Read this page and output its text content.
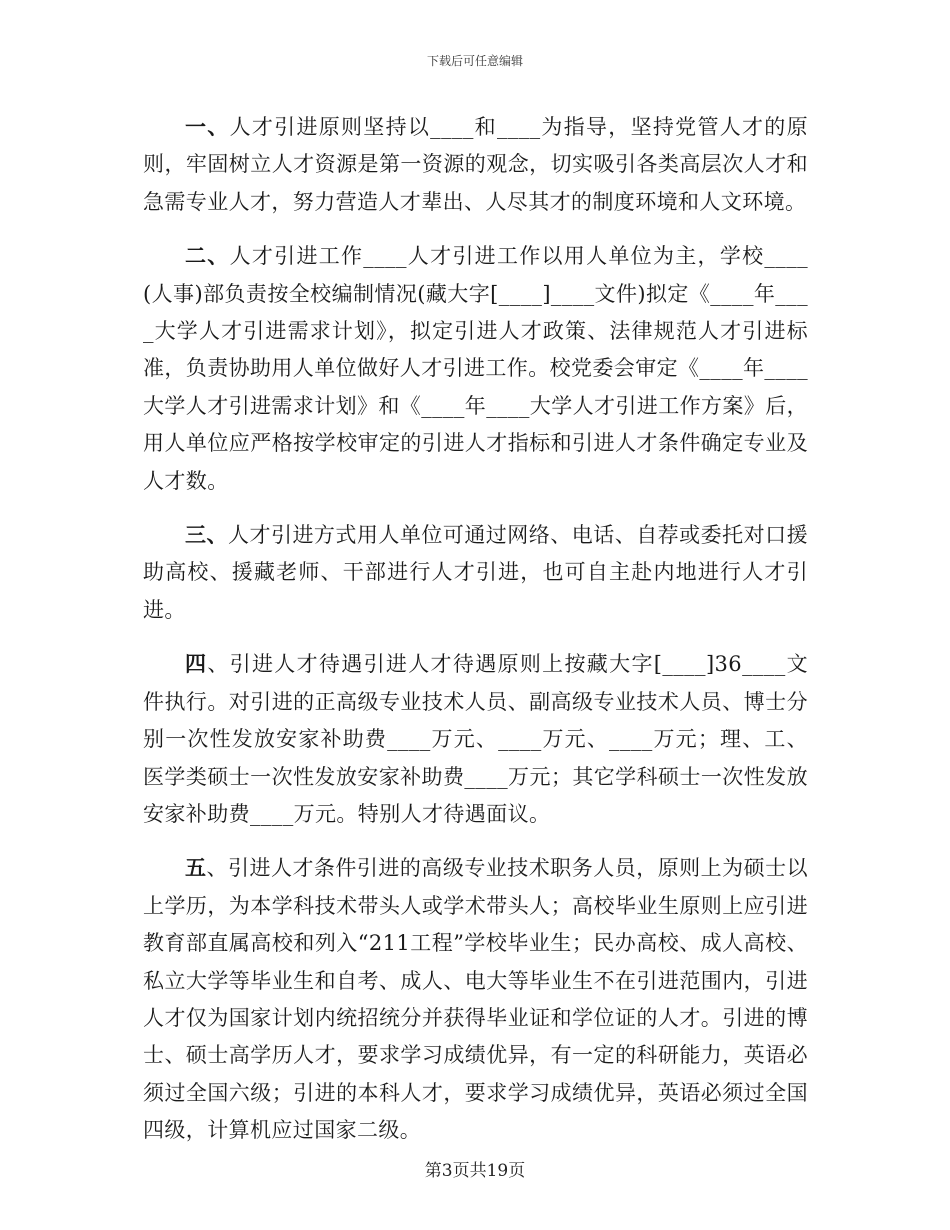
下载后可任意编辑

一、人才引进原则坚持以____和____为指导，坚持党管人才的原则，牢固树立人才资源是第一资源的观念，切实吸引各类高层次人才和急需专业人才，努力营造人才辈出、人尽其才的制度环境和人文环境。

二、人才引进工作____人才引进工作以用人单位为主，学校____(人事)部负责按全校编制情况(藏大字[____]____文件)拟定《____年____大学人才引进需求计划》，拟定引进人才政策、法律规范人才引进标准，负责协助用人单位做好人才引进工作。校党委会审定《____年____大学人才引进需求计划》和《____年____大学人才引进工作方案》后，用人单位应严格按学校审定的引进人才指标和引进人才条件确定专业及人才数。

三、人才引进方式用人单位可通过网络、电话、自荐或委托对口援助高校、援藏老师、干部进行人才引进，也可自主赴内地进行人才引进。

四、引进人才待遇引进人才待遇原则上按藏大字[____]36____文件执行。对引进的正高级专业技术人员、副高级专业技术人员、博士分别一次性发放安家补助费____万元、____万元、____万元；理、工、医学类硕士一次性发放安家补助费____万元；其它学科硕士一次性发放安家补助费____万元。特别人才待遇面议。

五、引进人才条件引进的高级专业技术职务人员，原则上为硕士以上学历，为本学科技术带头人或学术带头人；高校毕业生原则上应引进教育部直属高校和列入“211工程”学校毕业生；民办高校、成人高校、私立大学等毕业生和自考、成人、电大等毕业生不在引进范围内，引进人才仅为国家计划内统招统分并获得毕业证和学位证的人才。引进的博士、硕士高学历人才，要求学习成绩优异，有一定的科研能力，英语必须过全国六级；引进的本科人才，要求学习成绩优异，英语必须过全国四级，计算机应过国家二级。

第3页共19页
